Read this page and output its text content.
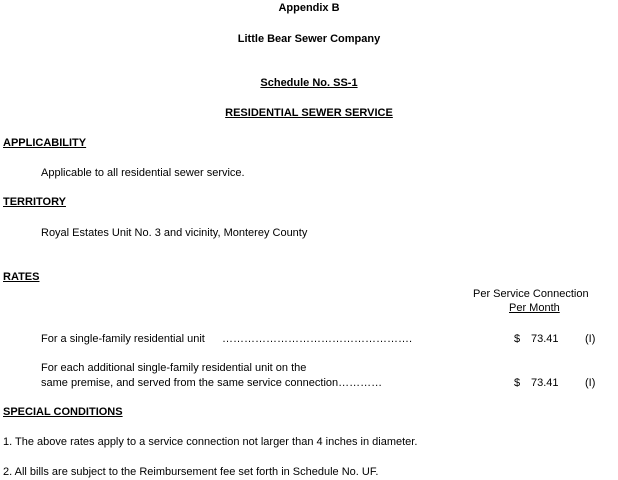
Appendix B
Little Bear Sewer Company
Schedule No. SS-1
RESIDENTIAL SEWER SERVICE
APPLICABILITY
Applicable to all residential sewer service.
TERRITORY
Royal Estates Unit No. 3 and vicinity, Monterey County
RATES
Per Service Connection
Per Month
For a single-family residential unit …………………………………………….	$ 73.41 (I)
For each additional single-family residential unit on the
same premise, and served from the same service connection…………	$ 73.41 (I)
SPECIAL CONDITIONS
1. The above rates apply to a service connection not larger than 4 inches in diameter.
2. All bills are subject to the Reimbursement fee set forth in Schedule No. UF.
